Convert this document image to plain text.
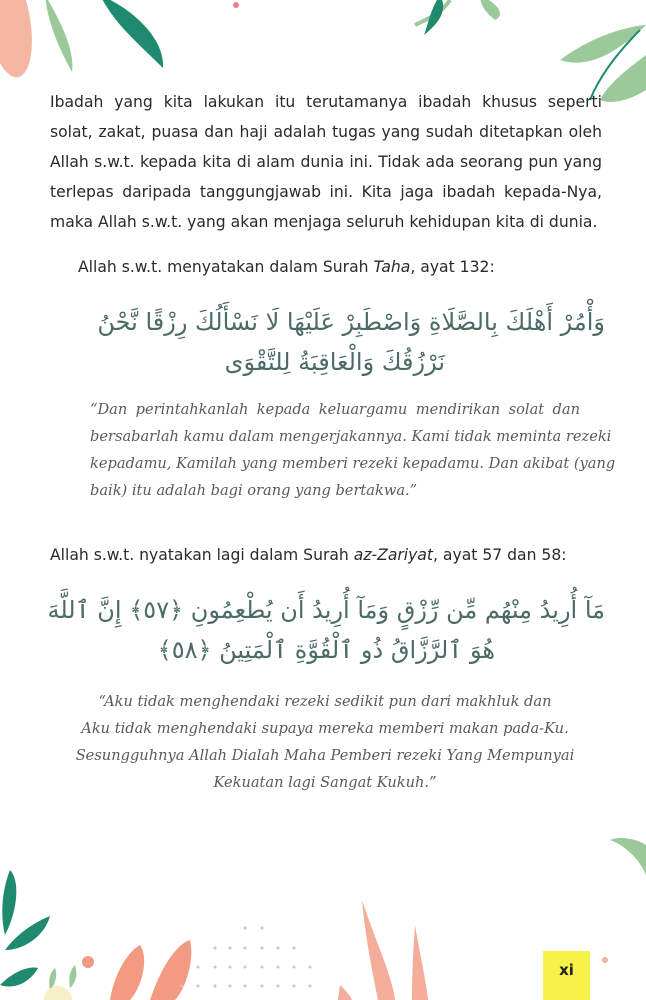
Ibadah yang kita lakukan itu terutamanya ibadah khusus seperti
solat, zakat, puasa dan haji adalah tugas yang sudah ditetapkan oleh
Allah s.w.t. kepada kita di alam dunia ini. Tidak ada seorang pun yang
terlepas daripada tanggungjawab ini. Kita jaga ibadah kepada-Nya,
maka Allah s.w.t. yang akan menjaga seluruh kehidupan kita di dunia.
Allah s.w.t. menyatakan dalam Surah Taha, ayat 132:
وَأْمُرْ أَهْلَكَ بِالصَّلَاةِ وَاصْطَبِرْ عَلَيْهَا لَا نَسْأَلُكَ رِزْقًا نَّحْنُ
نَرْزُقُكَ وَالْعَاقِبَةُ لِلتَّقْوَى
“Dan perintahkanlah kepada keluargamu mendirikan solat dan
bersabarlah kamu dalam mengerjakannya. Kami tidak meminta rezeki
kepadamu, Kamilah yang memberi rezeki kepadamu. Dan akibat (yang
baik) itu adalah bagi orang yang bertakwa.”
Allah s.w.t. nyatakan lagi dalam Surah az-Zariyat, ayat 57 dan 58:
مَآ أُرِيدُ مِنْهُم مِّن رِّزْقٍ وَمَآ أُرِيدُ أَن يُطْعِمُونِ ﴿٥٧﴾ إِنَّ ٱللَّهَ
هُوَ ٱلرَّزَّاقُ ذُو ٱلْقُوَّةِ ٱلْمَتِينُ ﴿٥٨﴾
“Aku tidak menghendaki rezeki sedikit pun dari makhluk dan
Aku tidak menghendaki supaya mereka memberi makan pada-Ku.
Sesungguhnya Allah Dialah Maha Pemberi rezeki Yang Mempunyai
Kekuatan lagi Sangat Kukuh.”
xi
